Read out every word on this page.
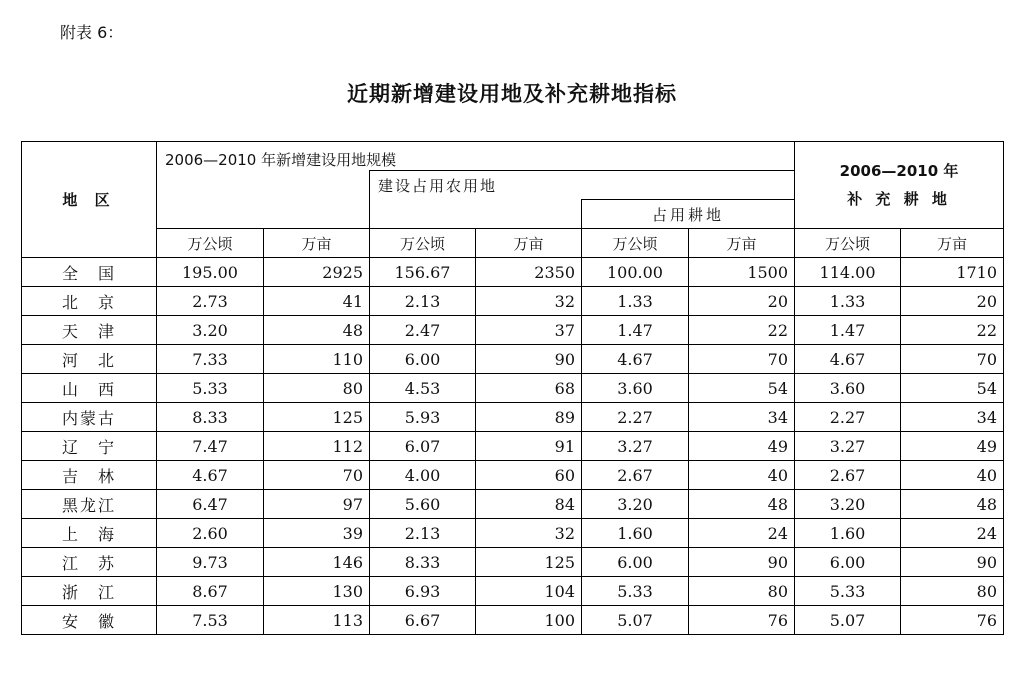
附表 6：
近期新增建设用地及补充耕地指标
地 区	2006—2010 年新增建设用地规模						2006—2010 年
补 充 耕 地	

			建设占用农用地					
					占用耕地			
	万公顷	万亩	万公顷	万亩	万公顷	万亩	万公顷	万亩
全　国	195.00	2925	156.67	2350	100.00	1500	114.00	1710
北　京	2.73	41	2.13	32	1.33	20	1.33	20
天　津	3.20	48	2.47	37	1.47	22	1.47	22
河　北	7.33	110	6.00	90	4.67	70	4.67	70
山　西	5.33	80	4.53	68	3.60	54	3.60	54
内蒙古	8.33	125	5.93	89	2.27	34	2.27	34
辽　宁	7.47	112	6.07	91	3.27	49	3.27	49
吉　林	4.67	70	4.00	60	2.67	40	2.67	40
黑龙江	6.47	97	5.60	84	3.20	48	3.20	48
上　海	2.60	39	2.13	32	1.60	24	1.60	24
江　苏	9.73	146	8.33	125	6.00	90	6.00	90
浙　江	8.67	130	6.93	104	5.33	80	5.33	80
安　徽	7.53	113	6.67	100	5.07	76	5.07	76
